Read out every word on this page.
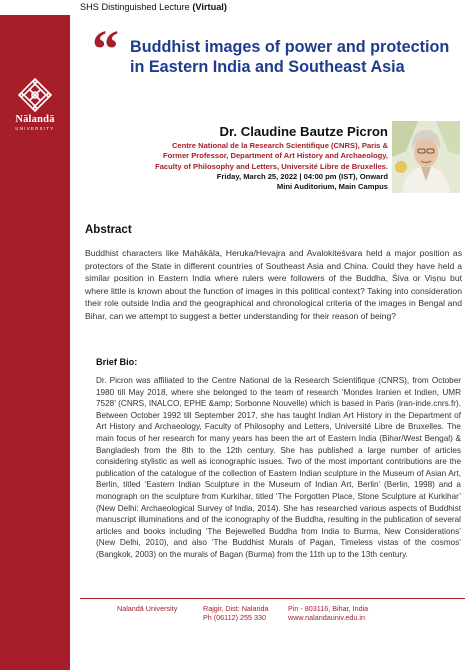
Nālandā
UNIVERSITY
SHS Distinguished Lecture (Virtual)
“ Buddhist images of power and protection in Eastern India and Southeast Asia
Dr. Claudine Bautze Picron
Centre National de la Research Scientifique (CNRS), Paris &
Former Professor, Department of Art History and Archaeology,
Faculty of Philosophy and Letters, Université Libre de Bruxelles.
Friday, March 25, 2022 | 04:00 pm (IST), Onward
Mini Auditorium, Main Campus
Abstract
Buddhist characters like Mahākāla, Heruka/Hevajra and Avalokiteśvara held a major position as protectors of the State in different countries of Southeast Asia and China. Could they have held a similar position in Eastern India where rulers were followers of the Buddha, Śiva or Viṣṇu but where little is known about the function of images in this political context? Taking into consideration their role outside India and the geographical and chronological criteria of the images in Bengal and Bihar, can we attempt to suggest a better understanding for their reason of being?
Brief Bio:
Dr. Picron was affiliated to the Centre National de la Research Scientifique (CNRS), from October 1980 till May 2018, where she belonged to the team of research ‘Mondes Iranien et Indien, UMR 7528’ (CNRS, INALCO, EPHE &amp; Sorbonne Nouvelle) which is based in Paris (iran-inde.cnrs.fr). Between October 1992 till September 2017, she has taught Indian Art History in the Department of Art History and Archaeology, Faculty of Philosophy and Letters, Université Libre de Bruxelles. The main focus of her research for many years has been the art of Eastern India (Bihar/West Bengal) & Bangladesh from the 8th to the 12th century. She has published a large number of articles considering stylistic as well as iconographic issues. Two of the most important contributions are the publication of the catalogue of the collection of Eastern Indian sculpture in the Museum of Asian Art, Berlin, titled ‘Eastern Indian Sculpture in the Museum of Indian Art, Berlin’ (Berlin, 1998) and a monograph on the sculpture from Kurkihar, titled ‘The Forgotten Place, Stone Sculpture at Kurkihar’ (New Delhi: Archaeological Survey of India, 2014). She has researched various aspects of Buddhist manuscript illuminations and of the iconography of the Buddha, resulting in the publication of several articles and books including ‘The Bejewelled Buddha from India to Burma, New Considerations’ (New Delhi, 2010), and also ‘The Buddhist Murals of Pagan, Timeless vistas of the cosmos’ (Bangkok, 2003) on the murals of Bagan (Burma) from the 11th up to the 13th century.
Nalandā University	Rajgir, Dist: Nalanda
Ph (06112) 255 330
Pin - 803116, Bihar, India
www.nalandauniv.edu.in
